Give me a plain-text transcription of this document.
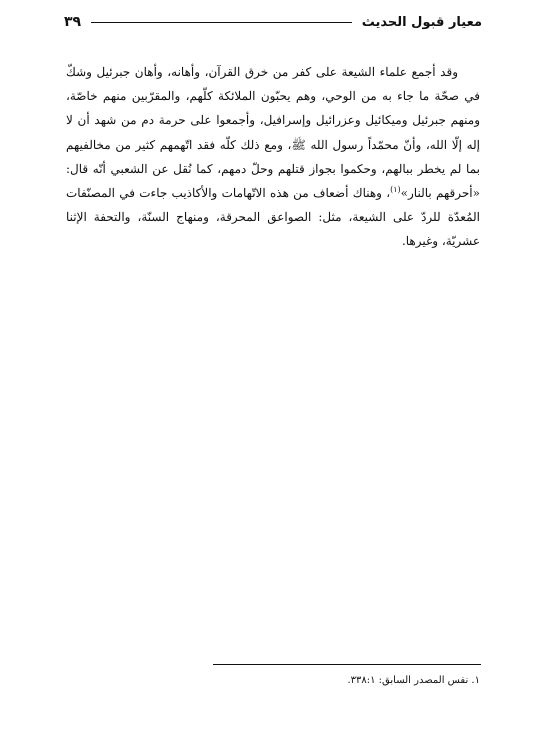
معيار قبول الحديث
٣٩

وقد أجمع علماء الشيعة على كفر من خرق القرآن، وأهانه، وأهان جبرئيل وشكّ في صحّة ما جاء به من الوحي، وهم يحبّون الملائكة كلّهم، والمقرّبين منهم خاصّة، ومنهم جبرئيل وميكائيل وعزرائيل وإسرافيل، وأجمعوا على حرمة دم من شهد أن لا إله إلّا الله، وأنّ محمّداً رسول الله ﷺ، ومع ذلك كلّه فقد اتّهمهم كثير من مخالفيهم بما لم يخطر ببالهم، وحكموا بجواز قتلهم وحلّ دمهم، كما نُقل عن الشعبي أنّه قال: «أحرقهم بالنار»$^{(١)}$، وهناك أضعاف من هذه الاتّهامات والأكاذيب جاءت في المصنّفات المُعدّة للردّ على الشيعة، مثل: الصواعق المحرقة، ومنهاج السنّة، والتحفة الإثنا عشريّة، وغيرها.

١. نفس المصدر السابق: ٣٣٨:١.
